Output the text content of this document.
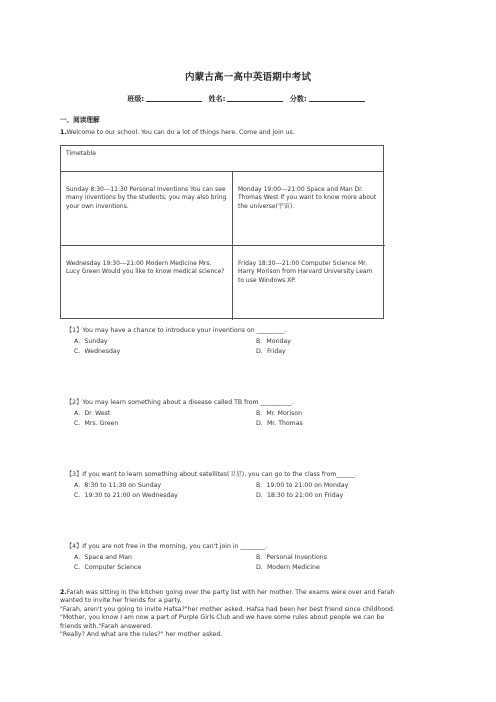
内蒙古高一高中英语期中考试
班级:	姓名:	分数:
一、阅读理解
1.Welcome to our school. You can do a lot of things here. Come and join us.
Timetable
Sunday 8:30---11:30 Personal Inventions You can see many inventions by the students; you may also bring your own inventions.
Monday 19:00---21:00 Space and Man Dr. Thomas West If you want to know more about the universe(宇宙).
Wednesday 19:30---21:00 Modern Medicine Mrs. Lucy Green Would you like to know medical science?
Friday 18:30---21:00 Computer Science Mr. Harry Morison from Harvard University Learn to use Windows XP.
【1】You may have a chance to introduce your inventions on _________.
A．Sunday	B．Monday
C．Wednesday	D．Friday
【2】You may learn something about a disease called TB from __________.
A．Dr. West	B．Mr. Morison
C．Mrs. Green	D．Mr. Thomas
【3】If you want to learn something about satellites(卫星), you can go to the class from______.
A．8:30 to 11:30 on Sunday	B．19:00 to 21:00 on Monday
C．19:30 to 21:00 on Wednesday	D．18:30 to 21:00 on Friday
【4】If you are not free in the morning, you can't join in ________.
A．Space and Man	B．Personal Inventions
C．Computer Science	D．Modern Medicine

2.Farah was sitting in the kitchen going over the party list with her mother. The exams were over and Farah wanted to invite her friends for a party.

"Farah, aren't you going to invite Hafsa?"her mother asked. Hafsa had been her best friend since childhood.

"Mother, you know I am now a part of Purple Girls Club and we have some rules about people we can be friends with,"Farah answered.

"Really? And what are the rules?" her mother asked.
